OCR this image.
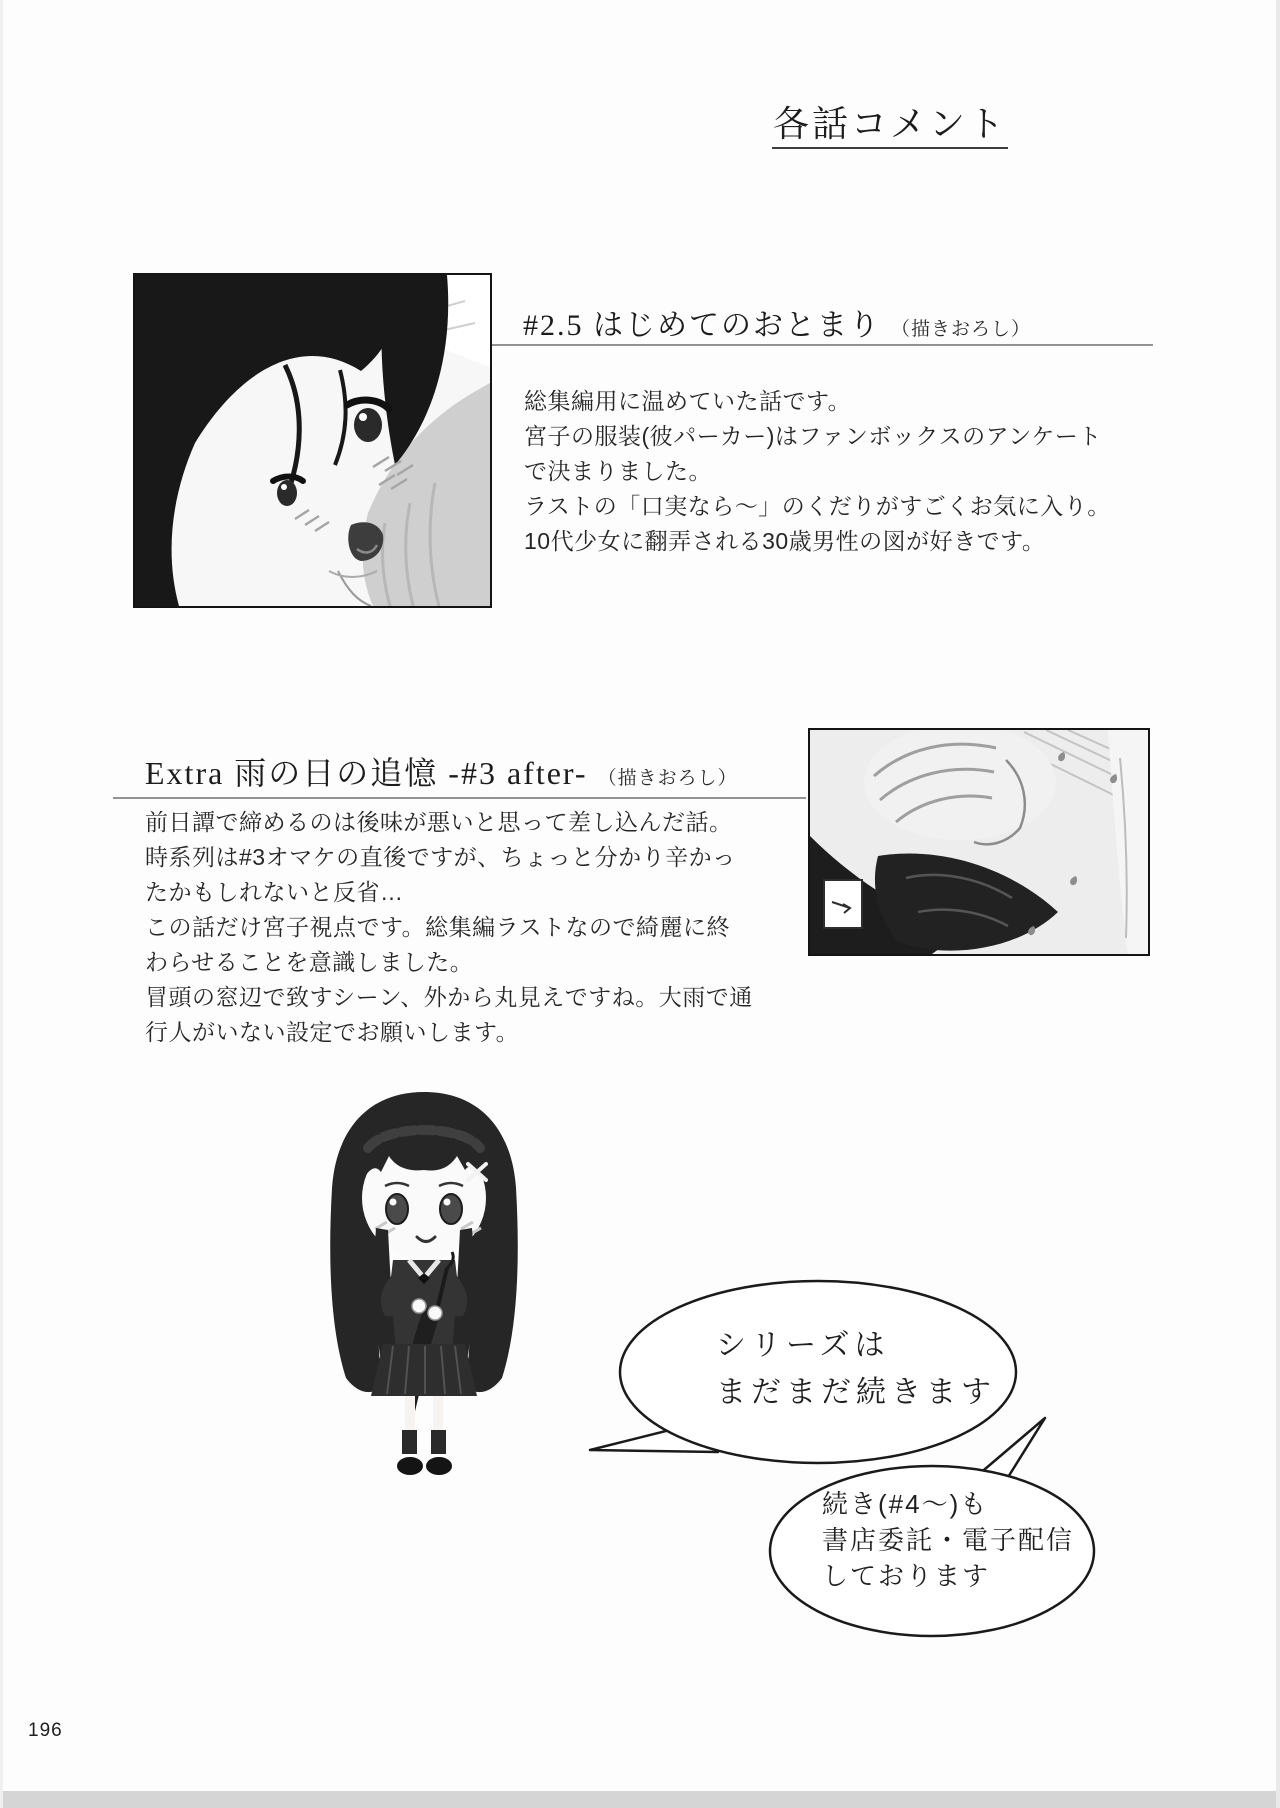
各話コメント
#2.5 はじめてのおとまり （描きおろし）
総集編用に温めていた話です。
宮子の服装(彼パーカー)はファンボックスのアンケート
で決まりました。
ラストの「口実なら〜」のくだりがすごくお気に入り。
10代少女に翻弄される30歳男性の図が好きです。
Extra 雨の日の追憶 -#3 after- （描きおろし）
前日譚で締めるのは後味が悪いと思って差し込んだ話。
時系列は#3オマケの直後ですが、ちょっと分かり辛かっ
たかもしれないと反省…
この話だけ宮子視点です。総集編ラストなので綺麗に終
わらせることを意識しました。
冒頭の窓辺で致すシーン、外から丸見えですね。大雨で通
行人がいない設定でお願いします。
シリーズは
まだまだ続きます
続き(#4〜)も
書店委託・電子配信
しております
196
